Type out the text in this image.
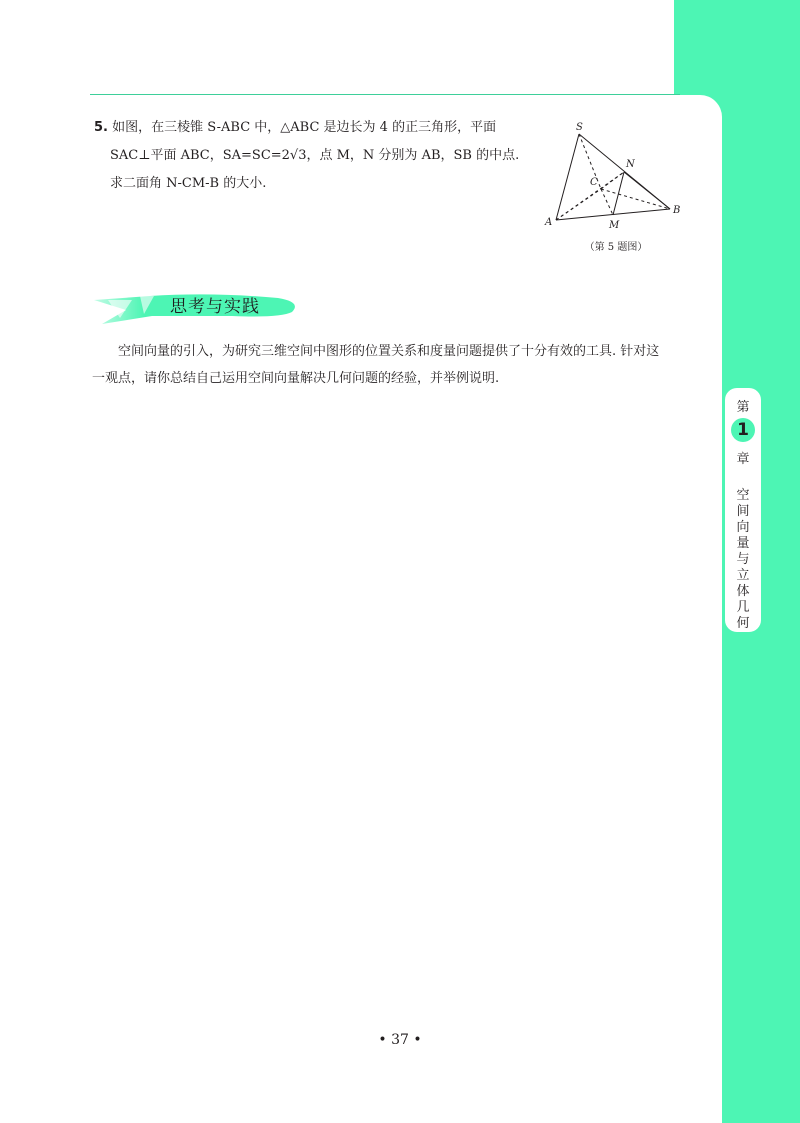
5. 如图，在三棱锥 S-ABC 中，△ABC 是边长为 4 的正三角形，平面
SAC⊥平面 ABC，SA=SC=2√3，点 M，N 分别为 AB，SB 的中点.
求二面角 N-CM-B 的大小.
S
N
C
A
B
M
（第 5 题图）
思考与实践
空间向量的引入，为研究三维空间中图形的位置关系和度量问题提供了十分有效的工具. 针对这
一观点，请你总结自己运用空间向量解决几何问题的经验，并举例说明.
第
1
章
空
间
向
量
与
立
体
几
何
• 37 •
